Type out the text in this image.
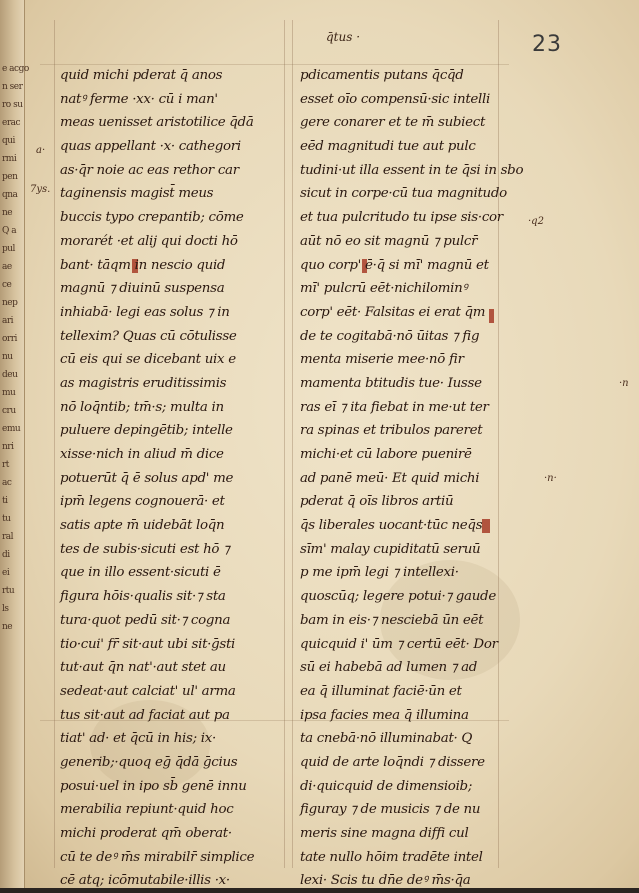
e acgo
n ser
ro su
erac
qui
rmi
pen
qna
ne
Q a
pul
ae
ce
nep
ari
orri
nu
deu
mu
cru
emu
nri
rt
ac
ti
tu
ral
di
ei
rtu
ls
ne
q̄tus ·	23
a·
7ys.
·q2
·n
·n·
quid michi pderat q̄ anos
natꝰ ferme ·xx· cū i man'
meas uenisset aristotilice q̄dā
quas appellant ·x· cathegori
as·q̄r noie ac eas rethor car
taginensis magist̄ meus
buccis typo crepantib; cōme
morarét ·et alij qui docti hō
bant· tāqm in nescio quid
magnū ⁊ diuinū suspensa
inhiabā· legi eas solus ⁊ in
tellexim? Quas cū cōtulisse
cū eis qui se dicebant uix e
as magistris eruditissimis
nō loq̄ntib; tm̄·s; multa in
puluere depingētib; intelle
xisse·nich in aliud m̄ dice
potuerūt q̄ ē solus apd' me
ipm̄ legens cognouerā· et
satis apte m̄ uidebāt loq̄n
tes de subis·sicuti est hō ⁊
que in illo essent·sicuti ē
figura hōis·qualis sit·⁊ sta
tura·quot pedū sit·⁊ cogna
tio·cui' fr̄ sit·aut ubi sit·ḡsti
tut·aut q̄n nat'·aut stet au
sedeat·aut calciat' ul' arma
tus sit·aut ad faciat aut pa
tiat' ad· et q̄cū in his; ix·
generib;·quoq eḡ q̄dā ḡcius
posui·uel in ipo sb̄ genē innu
merabilia repiunt·quid hoc
michi proderat qm̄ oberat·
cū te deꝰ m̄s mirabilr̄ simplice
cē atq; icōmutabile·illis ·x·
pdicamentis putans q̄cq̄d
esset oīo compensū·sic intelli
gere conarer et te m̄ subiect
eēd magnitudi tue aut pulc
tudini·ut illa essent in te q̄si in sbo
sicut in corpe·cū tua magnitudo
et tua pulcritudo tu ipse sis·cor
aūt nō eo sit magnū ⁊ pulcr̄
quo corp' ē·q̄ si mī' magnū et
mī' pulcrū eēt·nichilominꝰ
corp' eēt· Falsitas ei erat q̄m
de te cogitabā·nō ūitas ⁊ fig
menta miserie mee·nō fir
mamenta btitudis tue· Iusse
ras eī ⁊ ita fiebat in me·ut ter
ra spinas et tribulos pareret
michi·et cū labore puenirē
ad panē meū· Et quid michi
pderat q̄ oīs libros artiū
q̄s liberales uocant·tūc neq̄s
sīm' malay cupiditatū seruū
p me ipm̄ legi ⁊ intellexi·
quoscūq; legere potui·⁊ gaude
bam in eis·⁊ nesciebā ūn eēt
quicquid i' ūm ⁊ certū eēt· Dor
sū ei habebā ad lumen ⁊ ad
ea q̄ illuminat faciē·ūn et
ipsa facies mea q̄ illumina
ta cnebā·nō illuminabat· Q
quid de arte loq̄ndi ⁊ dissere
di·quicquid de dimensioib;
figuray ⁊ de musicis ⁊ de nu
meris sine magna diffi cul
tate nullo hōim tradēte intel
lexi· Scis tu dn̄e deꝰ m̄s·q̄a
